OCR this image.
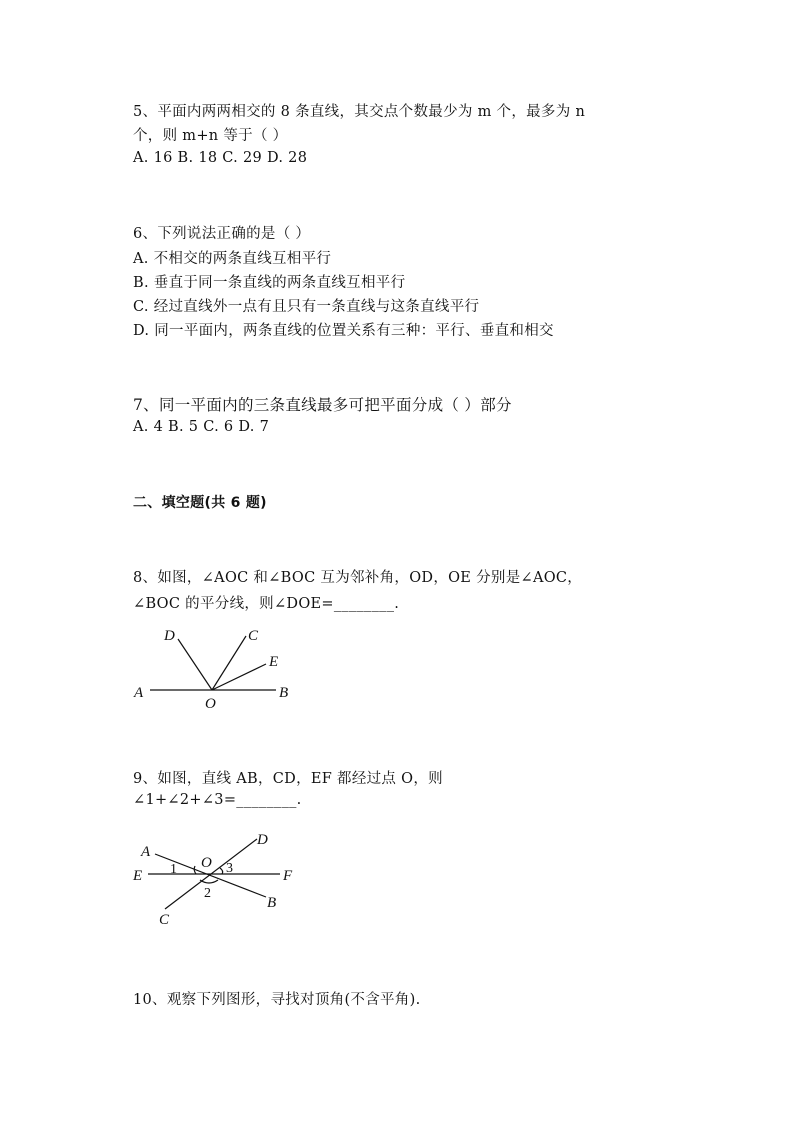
5、平面内两两相交的 8 条直线，其交点个数最少为 m 个，最多为 n
个，则 m+n 等于（ ）
A. 16 B. 18 C. 29 D. 28
6、下列说法正确的是（ ）
A. 不相交的两条直线互相平行
B. 垂直于同一条直线的两条直线互相平行
C. 经过直线外一点有且只有一条直线与这条直线平行
D. 同一平面内，两条直线的位置关系有三种：平行、垂直和相交
7、同一平面内的三条直线最多可把平面分成（ ）部分
A. 4 B. 5 C. 6 D. 7
二、填空题(共 6 题)
8、如图，∠AOC 和∠BOC 互为邻补角，OD，OE 分别是∠AOC，
∠BOC 的平分线，则∠DOE=________.
D	C
E
A
O
B
9、如图，直线 AB，CD，EF 都经过点 O，则
∠1+∠2+∠3=________.
A
D
O
1	3
E	F
2
B
C
10、观察下列图形，寻找对顶角(不含平角).
